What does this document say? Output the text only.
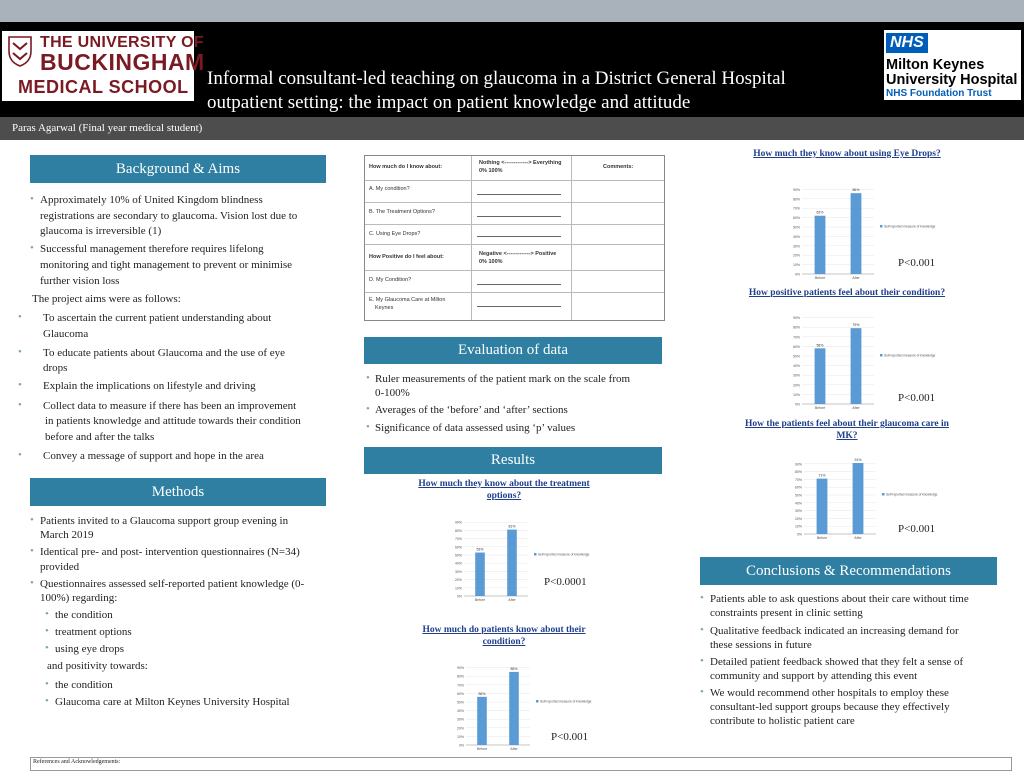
THE UNIVERSITY OF
BUCKINGHAM
MEDICAL SCHOOL Informal consultant-led teaching on glaucoma in a District General Hospital
outpatient setting: the impact on patient knowledge and attitude
NHS
Milton Keynes
University Hospital
NHS Foundation Trust
Paras Agarwal (Final year medical student)
Background & Aims
• Approximately 10% of United Kingdom blindness
registrations are secondary to glaucoma. Vision lost due to
glaucoma is irreversible (1)
• Successful management therefore requires lifelong
monitoring and tight management to prevent or minimise
further vision loss
The project aims were as follows:
• To ascertain the current patient understanding about
Glaucoma
• To educate patients about Glaucoma and the use of eye
drops
• Explain the implications on lifestyle and driving
• Collect data to measure if there has been an improvement
in patients knowledge and attitude towards their condition
before and after the talks
• Convey a message of support and hope in the area
Methods
• Patients invited to a Glaucoma support group evening in
March 2019
• Identical pre- and post- intervention questionnaires (N=34)
provided
• Questionnaires assessed self-reported patient knowledge (0-
100%) regarding:
• the condition
• treatment options
• using eye drops
and positivity towards:
• the condition
• Glaucoma care at Milton Keynes University Hospital
How much do I know about:
Nothing <-------------> Everything
0% 100%
Comments:
A. My condition?
B. The Treatment Options?
C. Using Eye Drops?
How Positive do I feel about:	Negative <-------------> Positive
0% 100%
D. My Condition?
E. My Glaucoma Care at Milton
Keynes
Evaluation of data
• Ruler measurements of the patient mark on the scale from
0-100%
• Averages of the ‘before’ and ‘after’ sections
• Significance of data assessed using ‘p’ values
Results
How much they know about the treatment options?
0%
10%
20%
30%
40%
50%
60%
70%
80%
90%
53%
Before
81%
After
Self-reported measure of knowledge
P<0.0001
How much do patients know about their condition?
0%
10%
20%
30%
40%
50%
60%
70%
80%
90%
56%
Before
85%
After
Self-reported measure of knowledge
P<0.001
How much they know about using Eye Drops?
0%
10%
20%
30%
40%
50%
60%
70%
80%
90%
62%
Before
86%
After
Self-reported measure of knowledge
P<0.001
How positive patients feel about their condition?
0%
10%
20%
30%
40%
50%
60%
70%
80%
90%
58%
Before
79%
After
Self-reported measure of knowledge
P<0.001
How the patients feel about their glaucoma care in MK?
0%
10%
20%
30%
40%
50%
60%
70%
80%
90%
71%
Before
91%
After
Self-reported measure of knowledge
P<0.001
Conclusions & Recommendations
• Patients able to ask questions about their care without time
constraints present in clinic setting
• Qualitative feedback indicated an increasing demand for
these sessions in future
• Detailed patient feedback showed that they felt a sense of
community and support by attending this event
• We would recommend other hospitals to employ these
consultant-led support groups because they effectively
contribute to holistic patient care
References and Acknowledgements:
